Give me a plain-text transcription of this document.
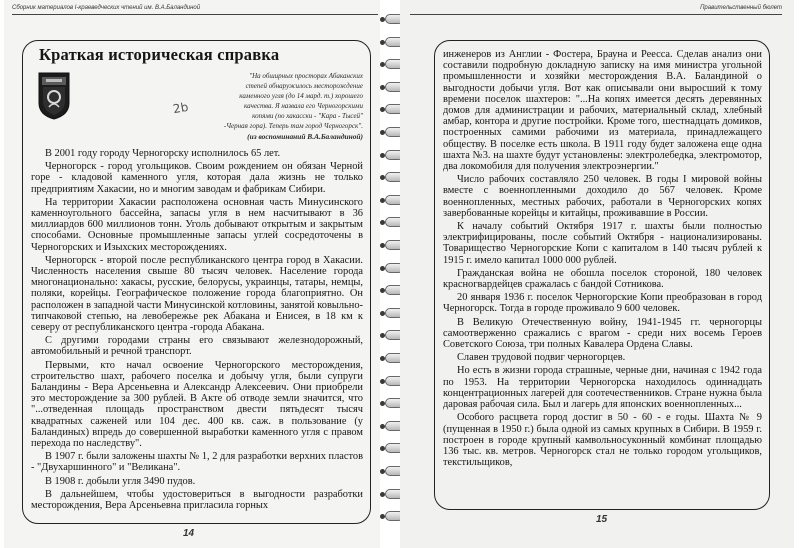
Сборник материалов I-краеведческих чтений им. В.А.Баландиной
Краткая историческая справка
2b
"На обширных просторах Абаканских
степей обнаружилось месторождение
каменного угля (до 14 мард. т.) хорошего
качества. Я назвала его Черногорскими
копями (по хакасски - "Кара - Тысей"
-Черная гора). Теперь там город Черногорск".
(из воспоминаний В.А.Баландиной)

В 2001 году городу Черногорску исполнилось 65 лет.

Черногорск - город угольщиков. Своим рождением он обязан Черной горе - кладовой каменного угля, которая дала жизнь не только предприятиям Хакасии, но и многим заводам и фабрикам Сибири.

На территории Хакасии расположена основная часть Минусинского каменноугольного бассейна, запасы угля в нем насчитывают в 36 миллиардов 600 миллионов тонн. Уголь добывают открытым и закрытым способами. Основные промышленные запасы углей сосредоточены в Черногорских и Изыхских месторождениях.

Черногорск - второй после республиканского центра город в Хакасии. Численность населения свыше 80 тысяч человек. Население города многонационально: хакасы, русские, белорусы, украинцы, татары, немцы, поляки, корейцы. Географическое положение города благоприятно. Он расположен в западной части Минусинской котловины, занятой ковыльно-типчаковой степью, на левобережье рек Абакана и Енисея, в 18 км к северу от республиканского центра -города Абакана.

С другими городами страны его связывают железнодорожный, автомобильный и речной транспорт.

Первыми, кто начал освоение Черногорского месторождения, строительство шахт, рабочего поселка и добычу угля, были супруги Баландины - Вера Арсеньевна и Александр Алексеевич. Они приобрели это месторождение за 300 рублей. В Акте об отводе земли значится, что "...отведенная площадь пространством двести пятьдесят тысяч квадратных саженей или 104 дес. 400 кв. саж. в пользование (у Баландиных) впредь до совершенной выработки каменного угля с правом перехода по наследству".

В 1907 г. были заложены шахты № 1, 2 для разработки верхних пластов - "Двухаршинного" и "Великана".

В 1908 г. добыли угля 3490 пудов.

В дальнейшем, чтобы удостовериться в выгодности разработки месторождения, Вера Арсеньевна пригласила горных

14
Правительственный бюлет

инженеров из Англии - Фостера, Брауна и Реесса. Сделав анализ они составили подробную докладную записку на имя министра угольной промышленности и хозяйки месторождения В.А. Баландиной о выгодности добычи угля. Вот как описывали они выросший к тому времени поселок шахтеров: "...На копях имеется десять деревянных домов для администрации и рабочих, материальный склад, хлебный амбар, контора и другие постройки. Кроме того, шестнадцать домиков, построенных самими рабочими из материала, принадлежащего обществу. В поселке есть школа. В 1911 году будет заложена еще одна шахта №3. на шахте будут установлены: электролебедка, электромотор, два локомобиля для получения электроэнергии."

Число рабочих составляло 250 человек. В годы I мировой войны вместе с военнопленными доходило до 567 человек. Кроме военнопленных, местных рабочих, работали в Черногорских копях завербованные корейцы и китайцы, проживавшие в России.

К началу событий Октября 1917 г. шахты были полностью электрифицированы, после событий Октября - национализированы. Товарищество Черногорские Копи с капиталом в 140 тысяч рублей к 1915 г. имело капитал 1000 000 рублей.

Гражданская война не обошла поселок стороной, 180 человек красногвардейцев сражалась с бандой Сотникова.

20 января 1936 г. поселок Черногорские Копи преобразован в город Черногорск. Тогда в городе проживало 9 600 человек.

В Великую Отечественную войну, 1941-1945 гг. черногорцы самоотверженно сражались с врагом - среди них восемь Героев Советского Союза, три полных Кавалера Ордена Славы.

Славен трудовой подвиг черногорцев.

Но есть в жизни города страшные, черные дни, начиная с 1942 года по 1953. На территории Черногорска находилось одиннадцать концентрационных лагерей для соотечественников. Стране нужна была даровая рабочая сила. Был и лагерь для японских военнопленных...

Особого расцвета город достиг в 50 - 60 - е годы. Шахта № 9 (пущенная в 1950 г.) была одной из самых крупных в Сибири. В 1959 г. построен в городе крупный камвольносуконный комбинат площадью 136 тыс. кв. метров. Черногорск стал не только городом угольщиков, текстильщиков,

15
